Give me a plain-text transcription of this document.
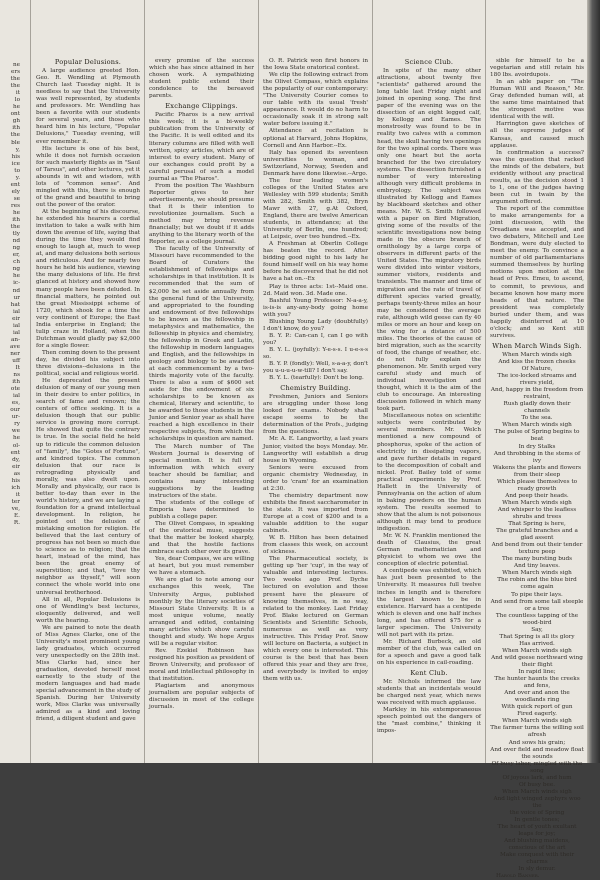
ne
ers
the
the
it
lo
he
ont
gh
ith
the
ble
y,
his
ice
to
y.
ent
ely
se
res
he
ith
the
tly
nd
ng
er,
ch
ng
he
ic-
nd
ur
hat
ial
eir
ial
ial
an-
ave
ner
uff
It
ns
ith
ote
ial
es,
our
ur-
ry
we
he
ol-
ent
dy,
eir
as
his
ich
it
ter
ve,
E.
R.
Popular Delusions.

A large audience greeted Hon. Geo. R. Wendling at Plymouth Church last Tuesday night. It is needless to say that the University was well represented, by students and professors. Mr. Wendling has been a favorite with our students for several years, and those who heard him in his lecture, "Popular Delusions," Tuesday evening, will ever remember it.

His lecture is one of his best, while it does not furnish occasion for such masterly flights as in "Saul of Tarsus", and other lectures, yet it abounds in wit and wisdom, with lots of "common sense". And mingled with this, there is enough of the grand and beautiful to bring out the power of the orator.

At the beginning of his discourse, he extended his hearers a cordial invitation to take a walk with him down the avenue of life, saying that during the time they would find enough to laugh at, much to weep at, and many delusions both serious and ridiculous. And for nearly two hours he held his audience, viewing the many delusions of life. He first glanced at history and showed how many people have been deluded. In financial matters, he pointed out the great Mississippi scheme of 1720, which shook for a time the very continent of Europe; the East India enterprise in England; the tulip craze in Holland, when the Dutchman would gladly pay $2,000 for a single flower.

Then coming down to the present day, he divided his subject into three divisions--delusions in the political, social and religious world.

He deprecated the present delusion of many of our young men in their desire to enter politics, in search of fame and renown; the centers of office seeking. It is a delusion though that our public service is growing more corrupt. He showed that quite the contrary is true. In the social field he held up to ridicule the common delusion of "family", the "Gotes of Fortune", and kindred topics. The common delusion that our race is retrograding physically and morally, was also dwelt upon. Morally and physically, our race is better to-day than ever in the world's history, and we are laying a foundation for a grand intellectual development. In religion, he pointed out the delusion of mistaking emotion for religion. He believed that the last century of progress has not been so much due to science as to religion; that the heart, instead of the mind, has been the great enemy of superstition; and that, "love thy neighbor as thyself," will soon connect the whole world into one universal brotherhood.

All in all, Popular Delusions is one of Wendling's best lectures, eloquently delivered, and well worth the hearing.

We are pained to note the death of Miss Agnes Clarke, one of the University's most prominent young lady graduates, which occurred very unexpectedly on the 28th inst. Miss Clarke had, since her graduation, devoted herself most earnestly to the study of the modern languages and had made special advancement in the study of Spanish. During her University work, Miss Clarke was universally admired as a kind and loving friend, a diligent student and gave

every promise of the success which she has since attained in her chosen work. A sympathizing student public extend their condolence to the bereaved parents.

Exchange Clippings.

Pacific Pharos is a new arrival this week; it is a bi-weekly publication from the University of the Pacific. It is well edited and its literary columns are filled with well written, spicy articles, which are of interest to every student. Many of our exchanges could profit by a careful perusal of such a model journal as "The Pharos".

From the position The Washburn Reporter gives to her advertisements, we should presume that it is their intention to revolutionize journalism. Such a method may bring revenue financially; but we doubt if it adds anything to the literary worth of the Reporter, as a college journal.

The faculty of the University of Missouri have recommended to the Board of Curators the establishment of fellowships and scholarships in that institution. It is recommended that the sum of $2,000 be set aside annually from the general fund of the University, and appropriated to the founding and endowment of five fellowships to be known as the fellowship in metaphysics and mathematics, the fellowship in physics and chemistry, the fellowship in Greek and Latin, the fellowship in modern languages and English, and the fellowships in geology and biology to be awarded at each commencement by a two-thirds majority vote of the faculty. There is also a sum of $600 set aside for the endowment of six scholarships to be known as chemical, literary and scientific, to be awarded to those students in the Junior and Senior year as shall have reached a high excellence in their respective subjects, from which the scholarships in question are named.

The March number of The Western Journal is deserving of special mention. It is full of information with which every teacher should be familiar, and contains many interesting suggestions by the leading instructors of the state.

The students of the college of Emporia have determined to publish a college paper.

The Olivet Compass, in speaking of the oratorical muse, suggests that the matter be looked sharply, and that the hostile factions embrace each other over its grave.

Yes, dear Compass, we are willing at heart, but you must remember we have a stomach.

We are glad to note among our exchanges this week, The University Argus, published monthly by the literary societies of Missouri State University. It is a most unique volume, neatly arranged and edited, containing many articles which show careful thought and study. We hope Argus will be a regular visitor.

Rev. Ezekiel Robinson has resigned his position as president of Brown University, and professor of moral and intellectual philosophy in that institution.

Plagiarism and anonymous journalism are popular subjects of discussion in most of the college journals.

O. R. Patrick won first honors in the Iowa State oratorical contest.

We clip the following extract from the Olivet Compass, which explains the popularity of our contemporary: "The University Courier comes to our table with its usual 'fresh' appearance. It would do no harm to occasionally soak it in strong salt water before issuing it."

Attendance at recitation is optional at Harvard, Johns Hopkins, Cornell and Ann Harbor.--Ex.

Italy has opened its seventeen universities to woman, and Switzerland, Norway, Sweden and Denmark have done likewise.--Argo.

The four leading women's colleges of the United States are Wellesley with 599 students; Smith with 282, Smith with 382, Bryn Mawr with 27, g.At Oxford, England, there are twelve American students, in attendance; at the University of Berlin, one hundred; at Leipsic, over two hundred.--Ex.

A Freshman at Oberlin College has beaten the record. After bidding good night to his lady he found himself well on his way home before he discovered that he did not have a hat on.--Ex

Play is three acts: 1st--Maid one. 2d. Maid won. 3d. Made one.

Bashful Young Professor: N-a-a-y, is-is-is any-any-body going home with you?

Blushing Young Lady (doubtfully) I don't know, do you?

B. Y. P.: Can-can I, can I go with you?

B. Y. L. (joyfully): Y-e-s-s. I u-e-s-s so.

B. Y. P. (fondly): Well, s-a-a-y, don't you u-u-u-u-w-till? I don't say.

B. Y. L. (tearfully): Don't be long.

Chemistry Building.

Freshmen, Juniors and Seniors are struggling under those long looked for exams. Nobody shall escape seems to be the determination of the Profs., judging from the questions.

Mr. A. E. Langworthy, a last years Junior, visited the boys Monday. Mr. Langworthy will establish a drug house in Wyoming.

Seniors were excused from organic chemistry Wednesday, in order to 'cram' for an examination at 2:30.

The chemistry department now exhibits the finest saccharometer in the state. It was imported from Europe at a cost of $200 and is a valuable addition to the sugar cabinets.

W. B. Hilton has been detained from classes this week, on account of sickness.

The Pharmaceutical society, is getting up 'her 'cup', in the way of valuable and interesting lectures. Two weeks ago Prof. Dyche lectured on evolution and those present have the pleasure of knowing themselves, in no way, related to the monkey. Last Friday Prof. Blake lectured on German Scientists and Scientific Schools, numerous as well as very instructive. This Friday Prof. Snow will lecture on Bacteria, a subject in which every one is interested. This course is the best that has been offered this year and they are free, and everybody is invited to enjoy them with us.

Science Club.

In spite of the many other attractions, about twenty five "scientists" gathered around the long table last Friday night and joined in opening song. The first paper of the evening was on the dissection of an eight legged calf, by Kellogg and Eames. The monstrosity was found to be in reality two calves with a common head, the skull having two openings for the two spinal cords. There was only one heart but the aorta branched for the two circulatory systems. The dissection furnished a number of very interesting although very difficult problems in embryology. The subject was illustrated by Kellogg and Eames by blackboard sketches and other means. Mr. W. S. Smith followed with a paper on Bird Migration, giving some of the results of the scientific investigations now being made in the obscure branch of ornithology by a large corps of observers in different parts of the United States. The migratory birds were divided into winter visitors, summer visitors, residents and transients. The manner and time of migration and the rate of travel of different species varied greatly, perhaps twenty-three miles an hour may be considered the average rate, although wild geese can fly 40 miles or more an hour and keep on the wing for a distance of 500 miles. The theories of the cause of bird migration, such as the scarcity of food, the change of weather, etc. do not fully explain the phenomenon. Mr. Smith urged very careful study and much of individual investigation and thought, which it is the aim of the club to encourage. An interesting discussion followed in which many took part.

Miscellaneous notes on scientific subjects were contributed by several members. Mr. Welch mentioned a new compound of phosphorus, spoke of the action of electricity in dissipating vapors, and gave further details in regard to the decomposition of cobalt and nickel. Prof. Bailey told of some practical experiments by Prof. Hallett in the University of Pennsylvania on the action of alum in baking powders on the human system. The results seemed to show that the alum is not poisonous although it may tend to produce indigestion.

Mr. W. N. Franklin mentioned the death of Clausius, the great German mathematician and physicist to whom we owe the conception of electric potential.

A centipede was exhibited, which has just been presented to the University. It measures full twelve inches in length and is therefore the largest known to be in existence. Harvard has a centipede which is eleven and one half inches long, and has offered $75 for a larger specimen. The University will not part with its prize.

Mr. Richard Burbeck, an old member of the club, was called on for a speech and gave a good talk on his experience in cail-roading.

Kent Club.

Mr. Nichols informed the law students that an incidentals would be charged next year, which news was received with much applause.

Markley in his extemporaneous speech pointed out the dangers of the "mast combine," thinking it impos-

sible for himself to be a vegetarian and still retain his 180 lbs. avoirdupois.

In an able paper on "The Human Will and Reason," Mr. Gray defended human will, at the same time maintained that the strongest motive was identical with the will.

Harrington gave sketches of all the supreme judges of Kansas, and caused much applause.

In confirmation a success? was the question that racked the minds of the debaters, but evidently without any practical results, as the decision stood 1 to 1, one of the judges having been cut in twain by the argument offered.

The report of the committee to make arrangements for a joint discussion, with the Oreadians was accepted, and two debaters, Mitchell and Lee Bondman, were duly elected to meet the enemy. To convince a number of old parliamentarians summed themselves by hurling motions upon motion at the head of Pres. Emeu, to ascend, to commit, to previous, and became known how many more heads of that nature. The president was completely buried under them, and was happily disinterred at 10 o'clock; and so Kent still survives.

When March Winds Sigh.
When March winds sigh
And kiss the frozen cheeks
Of Nature,
The ice-locked streams and rivers yield,
And, happy in the freedom from restraint,
Rush gladly down their channels
To the sea.
When March winds sigh
The pulse of Spring begins to beat
In dry Stalks
And throbbing in the stems of ivy
Wakens the plants and flowers from their sleep
Which please themselves to ready growth
And peep their heads.
When March winds sigh
And whisper to the leafless shrubs and trees
That Spring is here,
The grateful branches and a glad assent
And bend from out their tender texture peep
The many bursting buds
And tiny leaves.
When March winds sigh
The robin and the blue bird come again
To pipe their lays.
And send from some tall steeple or a tree
The countless tapping of the wood-bird
Say,
That Spring is all its glory
Has arrived.
When March winds sigh
And wild geese northward wing their flight
In rapid line;
The hunter haunts the creeks and fens,
And over and anon the woodlands ring
With quick report of gun
Fired eagerly.
When March winds sigh
The farmer turns the willing soil
afresh
And sows his grain;
And over field and meadow float the sounds
Of busy labor, mingled with the song
Of joyous lark, and hum
Of busy bee.
When March winds sigh
And light winged zephyrs woo the
the voice of Spring
In gentle tones;
The heart of youth exultant leaps for joy;
And blushing maidens, conscious of the art
Make conquest with their charms
In sly demur.

Harold Banner.
